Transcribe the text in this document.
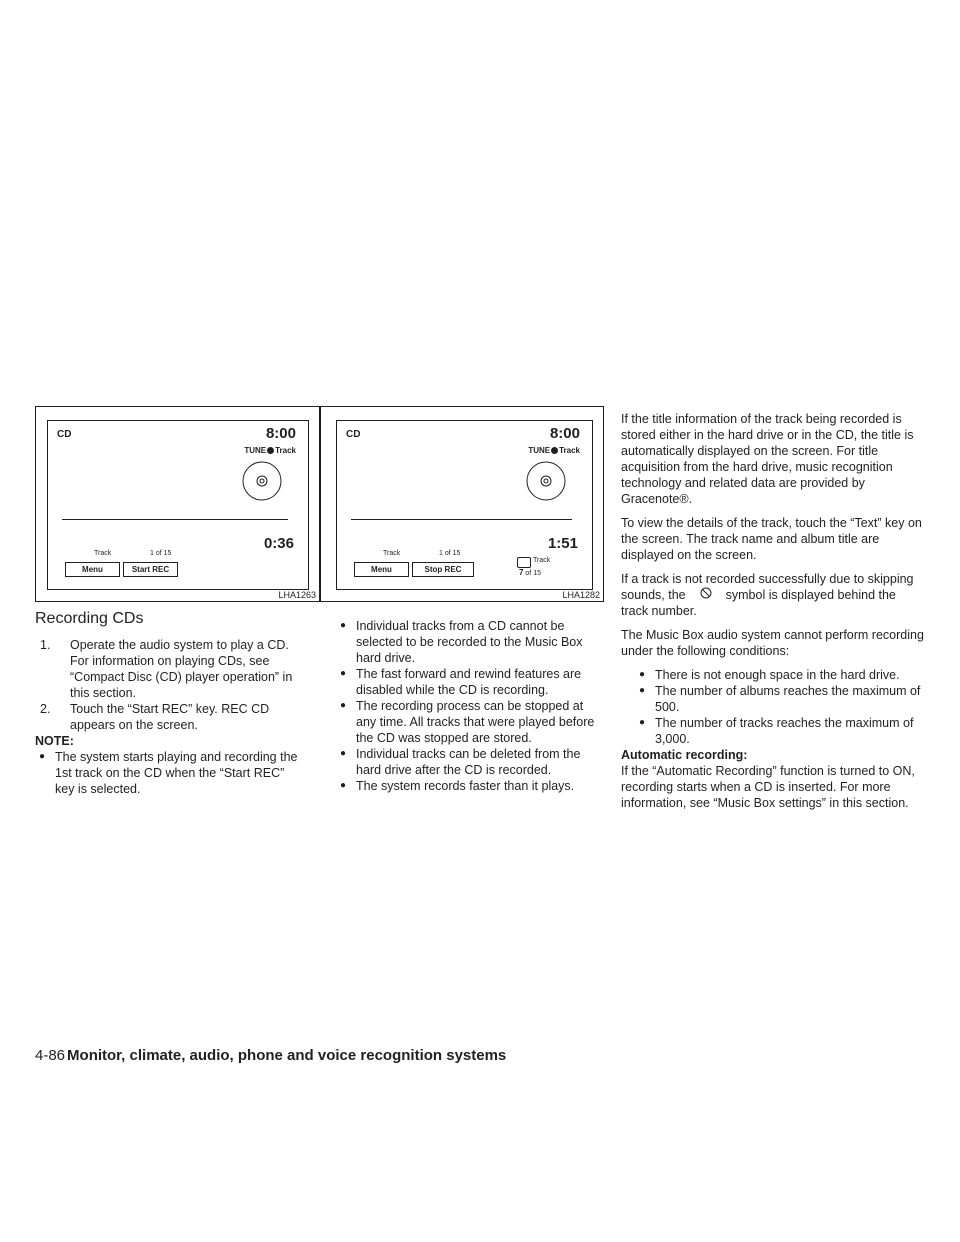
CD	8:00
TUNE Track
0:36
Track	1 of 15
Menu	Start REC
LHA1263
CD	8:00
TUNE Track
1:51
Track	1 of 15
Menu	Stop REC
Track
7 of 15
LHA1282
Recording CDs

1. Operate the audio system to play a CD. For information on playing CDs, see “Compact Disc (CD) player operation” in this section.

2. Touch the “Start REC” key. REC CD appears on the screen.

NOTE:

● The system starts playing and recording the 1st track on the CD when the “Start REC” key is selected.

● Individual tracks from a CD cannot be selected to be recorded to the Music Box hard drive.

● The fast forward and rewind features are disabled while the CD is recording.

● The recording process can be stopped at any time. All tracks that were played before the CD was stopped are stored.

● Individual tracks can be deleted from the hard drive after the CD is recorded.

● The system records faster than it plays.

If the title information of the track being recorded is stored either in the hard drive or in the CD, the title is automatically displayed on the screen. For title acquisition from the hard drive, music recognition technology and related data are provided by Gracenote®.

To view the details of the track, touch the “Text” key on the screen. The track name and album title are displayed on the screen.

If a track is not recorded successfully due to skipping sounds, the	symbol is displayed behind the track number.

The Music Box audio system cannot perform recording under the following conditions:

● There is not enough space in the hard drive.

● The number of albums reaches the maximum of 500.

● The number of tracks reaches the maximum of 3,000.

Automatic recording:

If the “Automatic Recording” function is turned to ON, recording starts when a CD is inserted. For more information, see “Music Box settings” in this section.

4-86 Monitor, climate, audio, phone and voice recognition systems
